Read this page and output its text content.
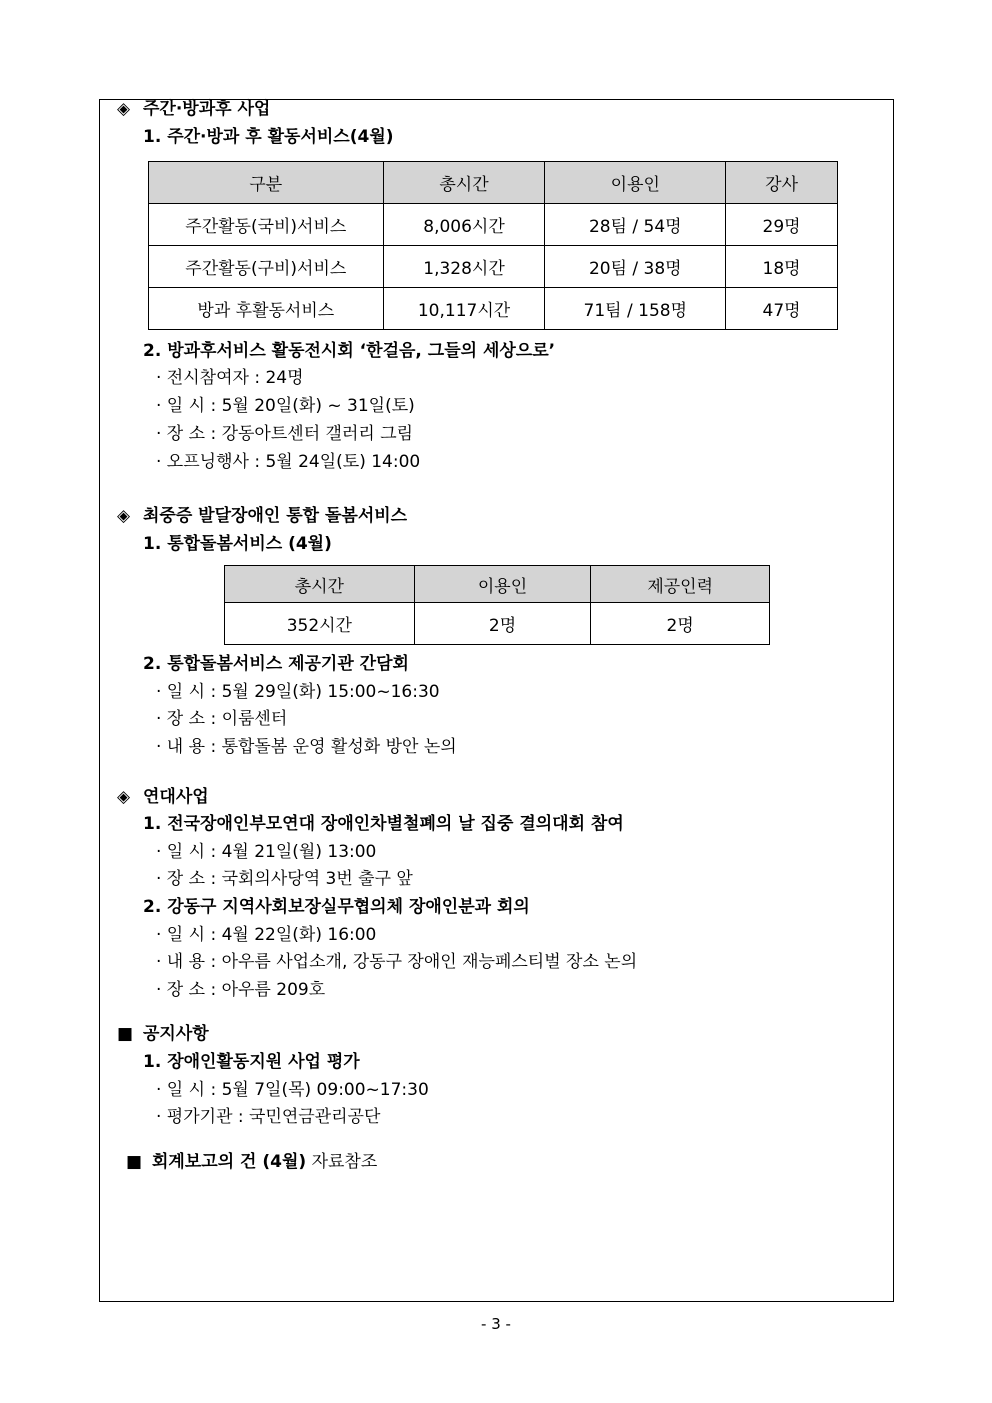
◈ 주간·방과후 사업
1. 주간·방과 후 활동서비스(4월)
구분	총시간	이용인	강사
주간활동(국비)서비스	8,006시간	28팀 / 54명	29명
주간활동(구비)서비스	1,328시간	20팀 / 38명	18명
방과 후활동서비스	10,117시간	71팀 / 158명	47명
2. 방과후서비스 활동전시회 ‘한걸음, 그들의 세상으로’
· 전시참여자 : 24명
· 일 시 : 5월 20일(화) ~ 31일(토)
· 장 소 : 강동아트센터 갤러리 그림
· 오프닝행사 : 5월 24일(토) 14:00
◈ 최중증 발달장애인 통합 돌봄서비스
1. 통합돌봄서비스 (4월)
총시간	이용인	제공인력
352시간	2명	2명
2. 통합돌봄서비스 제공기관 간담회
· 일 시 : 5월 29일(화) 15:00~16:30
· 장 소 : 이룸센터
· 내 용 : 통합돌봄 운영 활성화 방안 논의
◈ 연대사업
1. 전국장애인부모연대 장애인차별철폐의 날 집중 결의대회 참여
· 일 시 : 4월 21일(월) 13:00
· 장 소 : 국회의사당역 3번 출구 앞
2. 강동구 지역사회보장실무협의체 장애인분과 회의
· 일 시 : 4월 22일(화) 16:00
· 내 용 : 아우름 사업소개, 강동구 장애인 재능페스티벌 장소 논의
· 장 소 : 아우름 209호
■ 공지사항
1. 장애인활동지원 사업 평가
· 일 시 : 5월 7일(목) 09:00~17:30
· 평가기관 : 국민연금관리공단
■ 회계보고의 건 (4월) 자료참조
- 3 -
